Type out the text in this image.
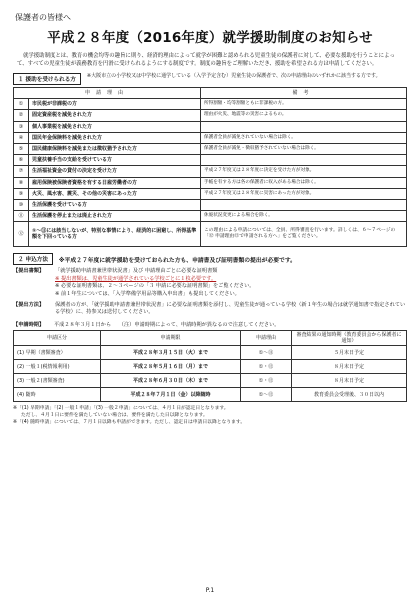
保護者の皆様へ
平成２８年度（2016年度）就学援助制度のお知らせ
就学援助制度とは、教育の機会均等の趣旨に則り、経済的理由によって就学が困難と認められる児童生徒の保護者に対して、必要な援助を行うことによって、すべての児童生徒が義務教育を円滑に受けられるようにする制度です。制度の趣旨をご理解いただき、援助を希望される方は申請してください。
１ 援助を受けられる方
※大阪市立の小学校又は中学校に通学している（入学予定含む）児童生徒の保護者で、次の申請理由のいずれかに該当する方です。
申請理由		備考
①	市民税が非課税の方	所得割額・均等割額ともに非課税の方。
②	固定資産税を減免された方	理由が火災、地震等の災害によるもの。
③	個人事業税を減免された方	
④	国民年金保険料を減免された方	保護者全員が減免されていない場合は除く。
⑤	国民健康保険料を減免または徴収猶予された方	保護者全員が減免・徴収猶予されていない場合は除く。
⑥	児童扶養手当の支給を受けている方	
⑦	生活福祉資金の貸付の決定を受けた方	平成２７年度又は２８年度に決定を受けた方が対象。
⑧	雇用保険被保険者資格を有する日雇労働者の方	手帳を有する方は各の保護者に収入がある場合は除く。
⑨	火災、風水害、震災、その他の災害にあった方	平成２７年度又は２８年度に災害にあった方が対象。
⑩	生活保護を受けている方	
⑪	生活保護を停止または廃止された方	休廃状況変更による場合を除く。
⑫	①～⑪には該当しないが、特別な事情により、経済的に困窮し、所得基準額を下回っている方	この理由による申請については、全員、所得審査を行います。詳しくは、６～７ページの「⑫ 申請理由⑫で申請される方へ」をご覧ください。
２ 申込方法	※平成２７年度に就学援助を受けておられた方も、申請書及び証明書類の提出が必要です。
【提出書類】	「就学援助申請書兼世帯状況書」及び 申請理由ごとに必要な証明書類
※ 提出書類は、児童生徒が通学されている学校ごとに１枚必要です。
※ 必要な証明書類は、２～３ページの「３ 申請に必要な証明書類」をご覧ください。
※ 前１年生については、「入学準備学用品等購入申出書」も提出してください。
【提出方法】	保護者の方が、「就学援助申請書兼世帯状況書」に必要な証明書類を添付し、児童生徒が通っている学校（新１年生の場合は就学通知書で指定されている学校）に、持参又は送付してください。
【申請時期】 平成２８年３月１日から　　（注）申請時期によって、申請時期が異なるので注意してください。
申請区分	申請期限	申請理由	審査結果の通知時期（教育委員会から保護者に通知）
(1) 早期（書類審査）	平成２８年３月１５日（火）まで	①～⑪	５月末日予定
(2) 一般１(税情報利用)	平成２８年５月１６日（月）まで	①・⑫	８月末日予定
(3) 一般２(書類審査)	平成２８年６月３０日（木）まで	①・⑫	８月末日予定
(4) 随時	平成２８年７月１日（金）以降随時	①～⑫	教育委員会受理後、３０日以内
※「(1) 早期申請」「(2) 一般１申請」「(3) 一般２申請」については、４月１日が認定日となります。
ただし、４月１日に要件を満たしていない場合は、要件を満たした日以降となります。
※「(4) 随時申請」については、７月１日以降も申請ができます。ただし、認定日は申請日以降となります。
P.1
